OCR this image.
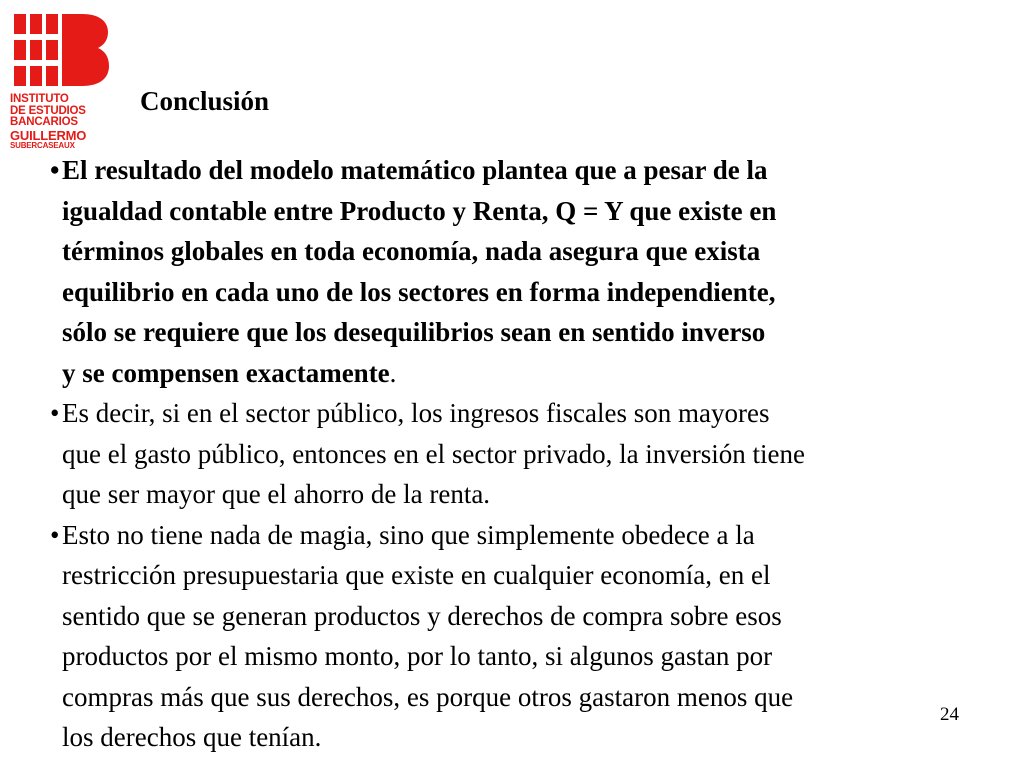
INSTITUTO
DE ESTUDIOS
BANCARIOS
GUILLERMO
SUBERCASEAUX
Conclusión

• El resultado del modelo matemático plantea que a pesar de la
igualdad contable entre Producto y Renta, Q = Y que existe en
términos globales en toda economía, nada asegura que exista
equilibrio en cada uno de los sectores en forma independiente,
sólo se requiere que los desequilibrios sean en sentido inverso
y se compensen exactamente.

• Es decir, si en el sector público, los ingresos fiscales son mayores
que el gasto público, entonces en el sector privado, la inversión tiene
que ser mayor que el ahorro de la renta.

• Esto no tiene nada de magia, sino que simplemente obedece a la
restricción presupuestaria que existe en cualquier economía, en el
sentido que se generan productos y derechos de compra sobre esos
productos por el mismo monto, por lo tanto, si algunos gastan por
compras más que sus derechos, es porque otros gastaron menos que
los derechos que tenían.

24
